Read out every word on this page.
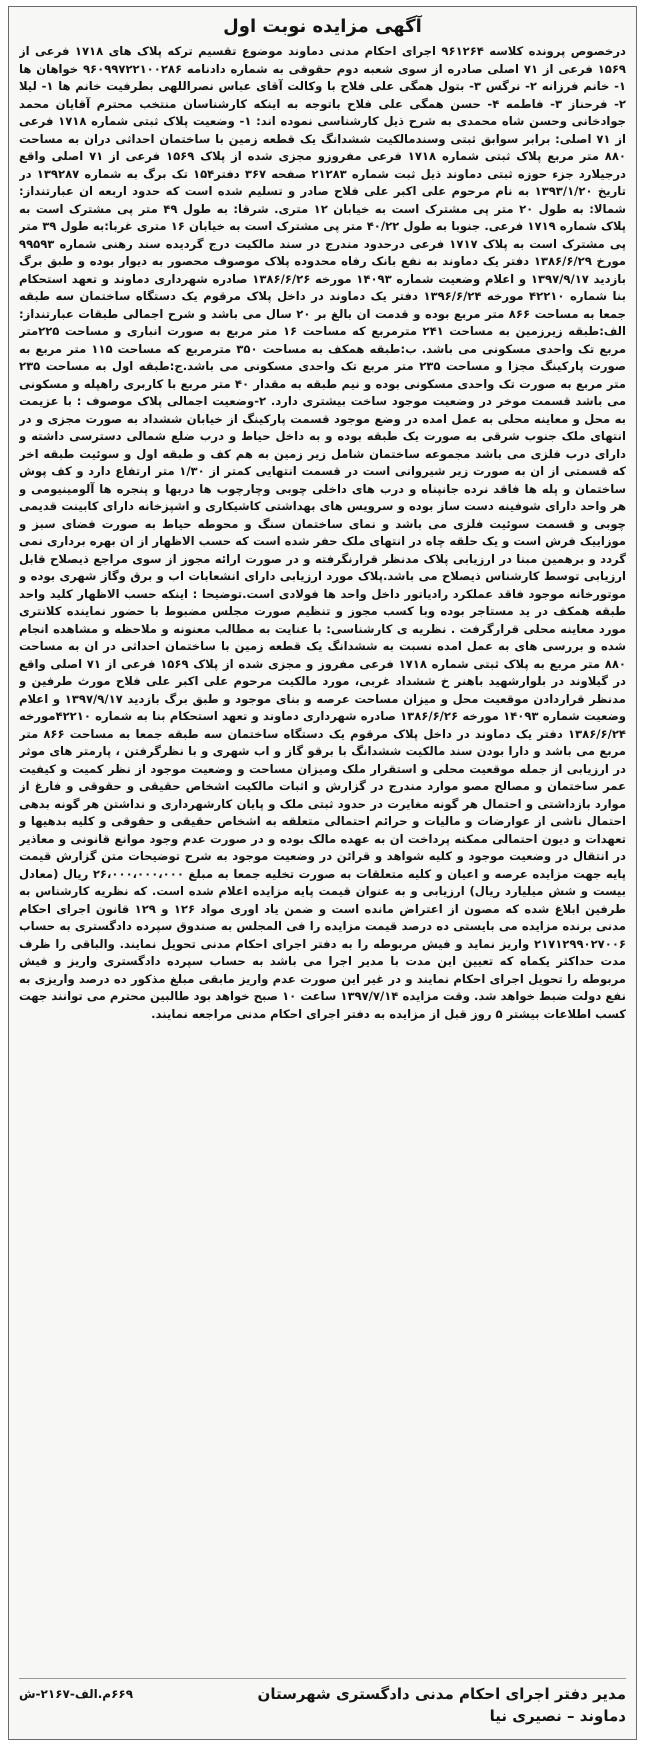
آگهی مزایده نوبت اول

درخصوص پرونده کلاسه ۹۶۱۲۶۴ اجرای احکام مدنی دماوند موضوع تقسیم ترکه پلاک های ۱۷۱۸ فرعی از ۱۵۶۹ فرعی از ۷۱ اصلی صادره از سوی شعبه دوم حقوقی به شماره دادنامه ۹۶۰۹۹۷۲۲۱۰۰۲۸۶ خواهان ها ۱- خانم فرزانه ۲- نرگس ۳- بتول همگی علی فلاح با وکالت آقای عباس نصراللهی بطرفیت خانم ها ۱- لیلا ۲- فرحناز ۳- فاطمه ۴- حسن همگی علی فلاح باتوجه به اینکه کارشناسان منتخب محترم آقایان محمد جوادخانی وحسن شاه محمدی به شرح ذیل کارشناسی نموده اند: ۱- وضعیت پلاک ثبتی شماره ۱۷۱۸ فرعی از ۷۱ اصلی: برابر سوابق ثبتی وسندمالکیت ششدانگ یک قطعه زمین با ساختمان احداثی دران به مساحت ۸۸۰ متر مربع پلاک ثبتی شماره ۱۷۱۸ فرعی مفروزو مجزی شده از پلاک ۱۵۶۹ فرعی از ۷۱ اصلی واقع درجیلارد جزء حوزه ثبتی دماوند ذیل ثبت شماره ۲۱۲۸۳ صفحه ۳۶۷ دفتر۱۵۴ تک برگ به شماره ۱۳۹۲۸۷ در تاریخ ۱۳۹۳/۱/۲۰ به نام مرحوم علی اکبر علی فلاح صادر و تسلیم شده است که حدود اربعه ان عبارتنداز: شمالا: به طول ۲۰ متر پی مشترک است به خیابان ۱۲ متری. شرقا: به طول ۴۹ متر پی مشترک است به پلاک شماره ۱۷۱۹ فرعی. جنوبا به طول ۴۰/۲۲ متر پی مشترک است به خیابان ۱۶ متری غربا:به طول ۳۹ متر پی مشترک است به پلاک ۱۷۱۷ فرعی درحدود مندرج در سند مالکیت درج گردیده سند رهنی شماره ۹۹۵۹۳ مورخ ۱۳۸۶/۶/۲۹ دفتر یک دماوند به نفع بانک رفاه محدوده پلاک موصوف محصور به دیوار بوده و طبق برگ بازدید ۱۳۹۷/۹/۱۷ و اعلام وضعیت شماره ۱۴۰۹۳ مورخه ۱۳۸۶/۶/۲۶ صادره شهرداری دماوند و تعهد استحکام بنا شماره ۴۲۲۱۰ مورخه ۱۳۹۶/۶/۲۴ دفتر یک دماوند در داخل پلاک مرقوم یک دستگاه ساختمان سه طبقه جمعا به مساحت ۸۶۶ متر مربع بوده و قدمت ان بالغ بر ۲۰ سال می باشد و شرح اجمالی طبقات عبارتنداز: الف:طبقه زیرزمین به مساحت ۲۴۱ مترمربع که مساحت ۱۶ متر مربع به صورت انباری و مساحت ۲۲۵متر مربع تک واحدی مسکونی می باشد. ب:طبقه همکف به مساحت ۳۵۰ مترمربع که مساحت ۱۱۵ متر مربع به صورت پارکینگ مجزا و مساحت ۲۳۵ متر مربع تک واحدی مسکونی می باشد.ج:طبقه اول به مساحت ۲۳۵ متر مربع به صورت تک واحدی مسکونی بوده و نیم طبقه به مقدار ۴۰ متر مربع با کاربری راهپله و مسکونی می باشد قسمت موخر در وضعیت موجود ساخت بیشتری دارد. ۲-وضعیت اجمالی پلاک موصوف : با عزیمت به محل و معاینه محلی به عمل امده در وضع موجود قسمت پارکینگ از خیابان ششداد به صورت مجزی و در انتهای ملک جنوب شرقی به صورت یک طبقه بوده و به داخل حیاط و درب ضلع شمالی دسترسی داشته و دارای درب فلزی می باشد مجموعه ساختمان شامل زیر زمین به هم کف و طبقه اول و سوئیت طبقه اخر که قسمتی از ان به صورت زیر شیروانی است در قسمت انتهایی کمتر از ۱/۳۰ متر ارتفاع دارد و کف پوش ساختمان و پله ها فاقد نرده جانپناه و درب های داخلی چوبی وچارچوب ها دربها و پنجره ها آلومینیومی و هر واحد دارای شوفینه دست ساز بوده و سرویس های بهداشتی کاشیکاری و اشپزخانه دارای کابینت قدیمی چوبی و قسمت سوئیت فلزی می باشد و نمای ساختمان سنگ و محوطه حیاط به صورت فضای سبز و موزاییک فرش است و یک حلقه چاه در انتهای ملک حفر شده است که حسب الاظهار از ان بهره برداری نمی گردد و برهمین مبنا در ارزیابی پلاک مدنظر قرارنگرفته و در صورت ارائه مجوز از سوی مراجع ذیصلاح قابل ارزیابی توسط کارشناس ذیصلاح می باشد.پلاک مورد ارزیابی دارای انشعابات اب و برق وگاز شهری بوده و موتورخانه موجود فاقد عملکرد رادیاتور داخل واحد ها فولادی است.توضیحا : اینکه حسب الاظهار کلید واحد طبقه همکف در ید مستاجر بوده وبا کسب مجوز و تنظیم صورت مجلس مضبوط با حضور نماینده کلانتری مورد معاینه محلی قرارگرفت . نظریه ی کارشناسی: با عنایت به مطالب معنونه و ملاحظه و مشاهده انجام شده و بررسی های به عمل امده نسبت به ششدانگ یک قطعه زمین با ساختمان احداثی در ان به مساحت ۸۸۰ متر مربع به پلاک ثبتی شماره ۱۷۱۸ فرعی مفروز و مجزی شده از پلاک ۱۵۶۹ فرعی از ۷۱ اصلی واقع در گیلاوند در بلوارشهید باهنر خ ششداد غربی، مورد مالکیت مرحوم علی اکبر علی فلاح مورث طرفین و مدنظر قراردادن موقعیت محل و میزان مساحت عرصه و بنای موجود و طبق برگ بازدید ۱۳۹۷/۹/۱۷ و اعلام وضعیت شماره ۱۴۰۹۳ مورخه ۱۳۸۶/۶/۲۶ صادره شهرداری دماوند و تعهد استحکام بنا به شماره ۴۲۲۱۰مورخه ۱۳۸۶/۶/۲۴ دفتر یک دماوند در داخل پلاک مرقوم یک دستگاه ساختمان سه طبقه جمعا به مساحت ۸۶۶ متر مربع می باشد و دارا بودن سند مالکیت ششدانگ با برقو گاز و اب شهری و با نظرگرفتن ، پارمتر های موثر در ارزیابی از جمله موقعیت محلی و استقرار ملک ومیزان مساحت و وضعیت موجود از نظر کمیت و کیفیت عمر ساختمان و مصالح مصو موارد مندرج در گزارش و اثبات مالکیت اشخاص حقیقی و حقوقی و فارغ از موارد بازداشتی و احتمال هر گونه مغایرت در حدود ثبتی ملک و پایان کارشهرداری و نداشتن هر گونه بدهی احتمال ناشی از عوارضات و مالیات و حرائم احتمالی متعلقه به اشخاص حقیقی و حقوقی و کلیه بدهیها و تعهدات و دیون احتمالی ممکنه پرداخت ان به عهده مالک بوده و در صورت عدم وجود موانع قانونی و معاذیر در انتقال در وضعیت موجود و کلیه شواهد و قرائن در وضعیت موجود به شرح توضیحات متن گزارش قیمت پایه جهت مزایده عرصه و اعیان و کلیه متعلقات به صورت تخلیه جمعا به مبلغ ۲۶،۰۰۰،۰۰۰،۰۰۰ ریال (معادل بیست و شش میلیارد ریال) ارزیابی و به عنوان قیمت پایه مزایده اعلام شده است. که نظریه کارشناس به طرفین ابلاغ شده که مصون از اعتراض مانده است و ضمن یاد اوری مواد ۱۲۶ و ۱۲۹ قانون اجرای احکام مدنی برنده مزایده می بایستی ده درصد قیمت مزایده را فی المجلس به صندوق سپرده دادگستری به حساب ۲۱۷۱۲۹۹۰۲۷۰۰۶ واریز نماید و فیش مربوطه را به دفتر اجرای احکام مدنی تحویل نمایند. والباقی را ظرف مدت حداکثر یکماه که تعیین این مدت با مدیر اجرا می باشد به حساب سپرده دادگستری واریز و فیش مربوطه را تحویل اجرای احکام نمایند و در غیر این صورت عدم واریز مابقی مبلغ مذکور ده درصد واریزی به نفع دولت ضبط خواهد شد. وقت مزایده ۱۳۹۷/۷/۱۴ ساعت ۱۰ صبح خواهد بود طالبین محترم می توانند جهت کسب اطلاعات بیشتر ۵ روز قبل از مزایده به دفتر اجرای احکام مدنی مراجعه نمایند.

مدیر دفتر اجرای احکام مدنی دادگستری شهرستان
دماوند – نصیری نیا
۶۶۹م.الف-۲۱۶۷-ش
